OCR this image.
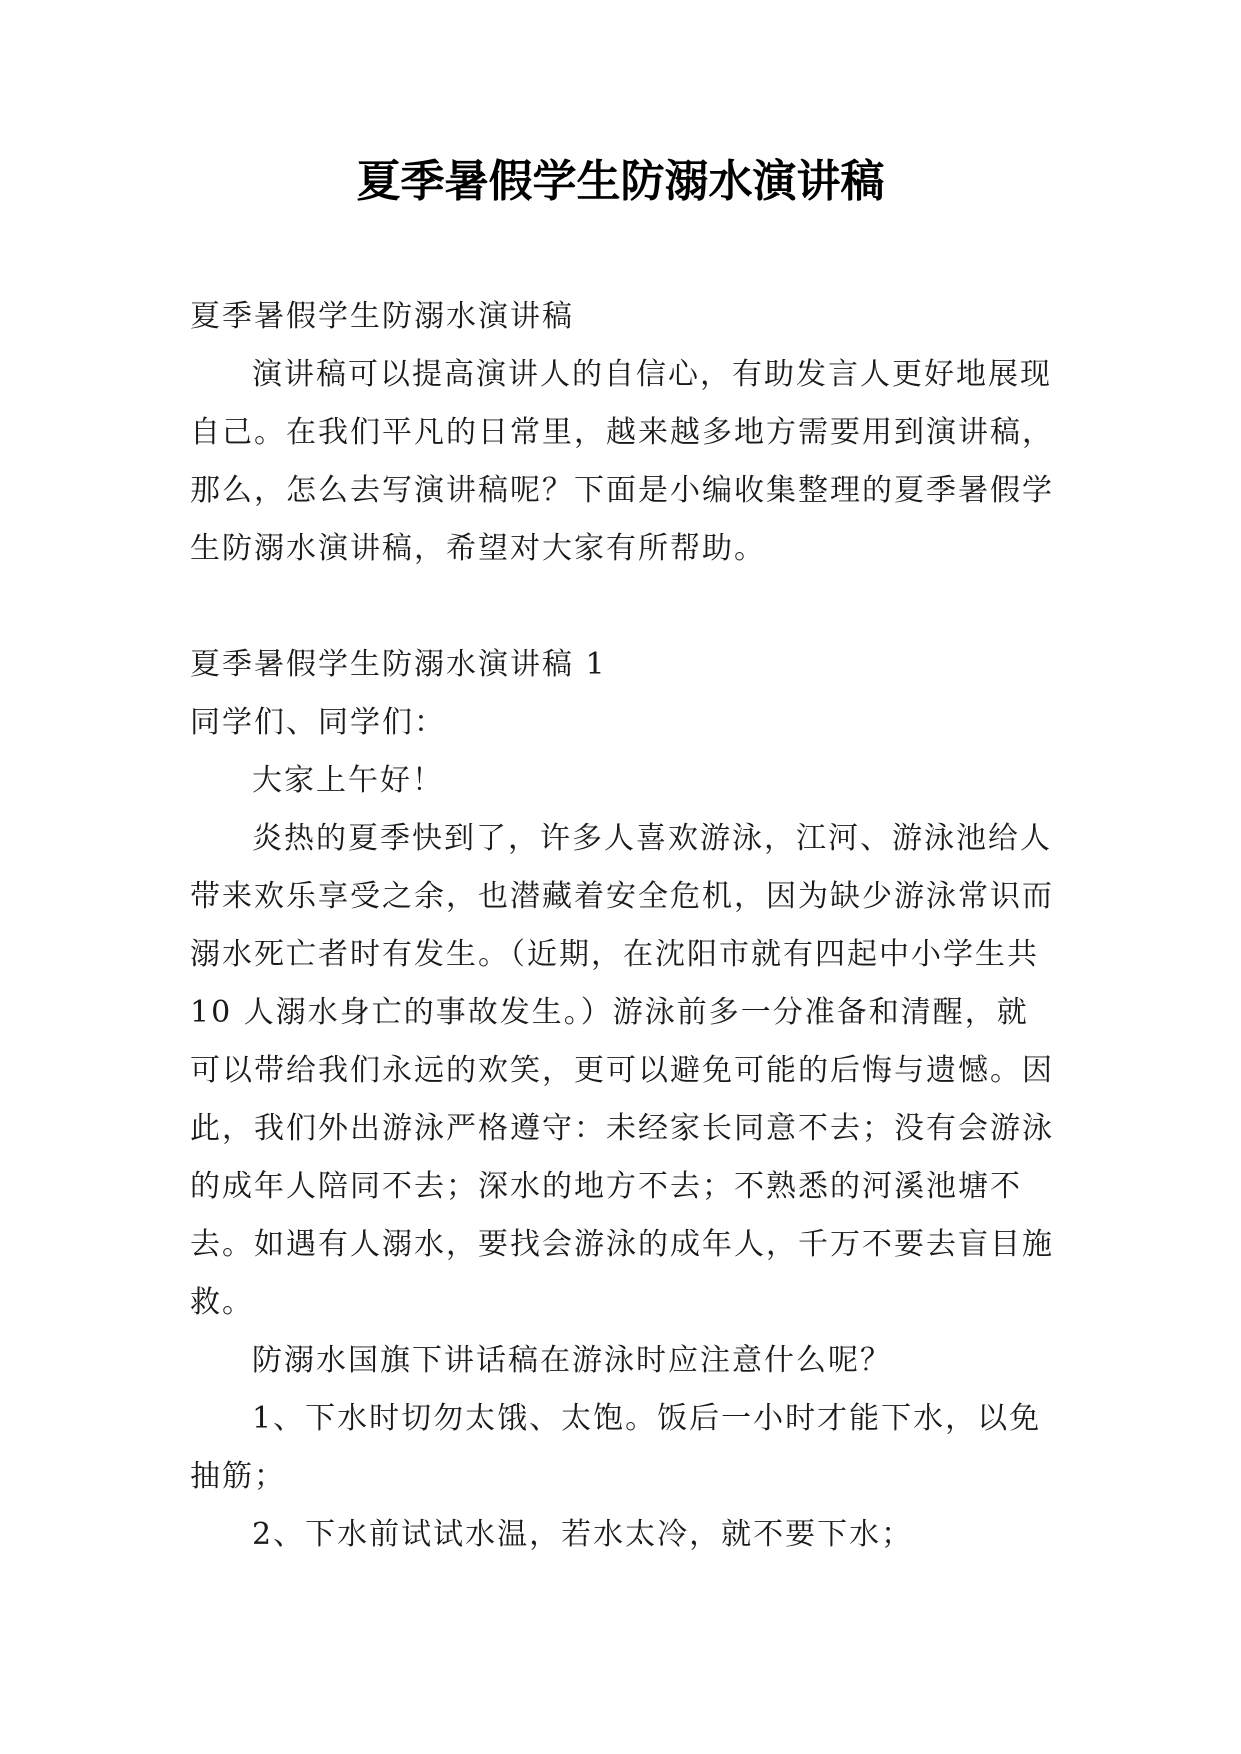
夏季暑假学生防溺水演讲稿

夏季暑假学生防溺水演讲稿

演讲稿可以提高演讲人的自信心，有助发言人更好地展现自己。在我们平凡的日常里，越来越多地方需要用到演讲稿，那么，怎么去写演讲稿呢？下面是小编收集整理的夏季暑假学生防溺水演讲稿，希望对大家有所帮助。

夏季暑假学生防溺水演讲稿 1

同学们、同学们：

大家上午好！

炎热的夏季快到了，许多人喜欢游泳，江河、游泳池给人带来欢乐享受之余，也潜藏着安全危机，因为缺少游泳常识而溺水死亡者时有发生。（近期，在沈阳市就有四起中小学生共 10 人溺水身亡的事故发生。）游泳前多一分准备和清醒，就可以带给我们永远的欢笑，更可以避免可能的后悔与遗憾。因此，我们外出游泳严格遵守：未经家长同意不去；没有会游泳的成年人陪同不去；深水的地方不去；不熟悉的河溪池塘不去。如遇有人溺水，要找会游泳的成年人，千万不要去盲目施救。

防溺水国旗下讲话稿在游泳时应注意什么呢？

1、下水时切勿太饿、太饱。饭后一小时才能下水，以免抽筋；

2、下水前试试水温，若水太冷，就不要下水；
